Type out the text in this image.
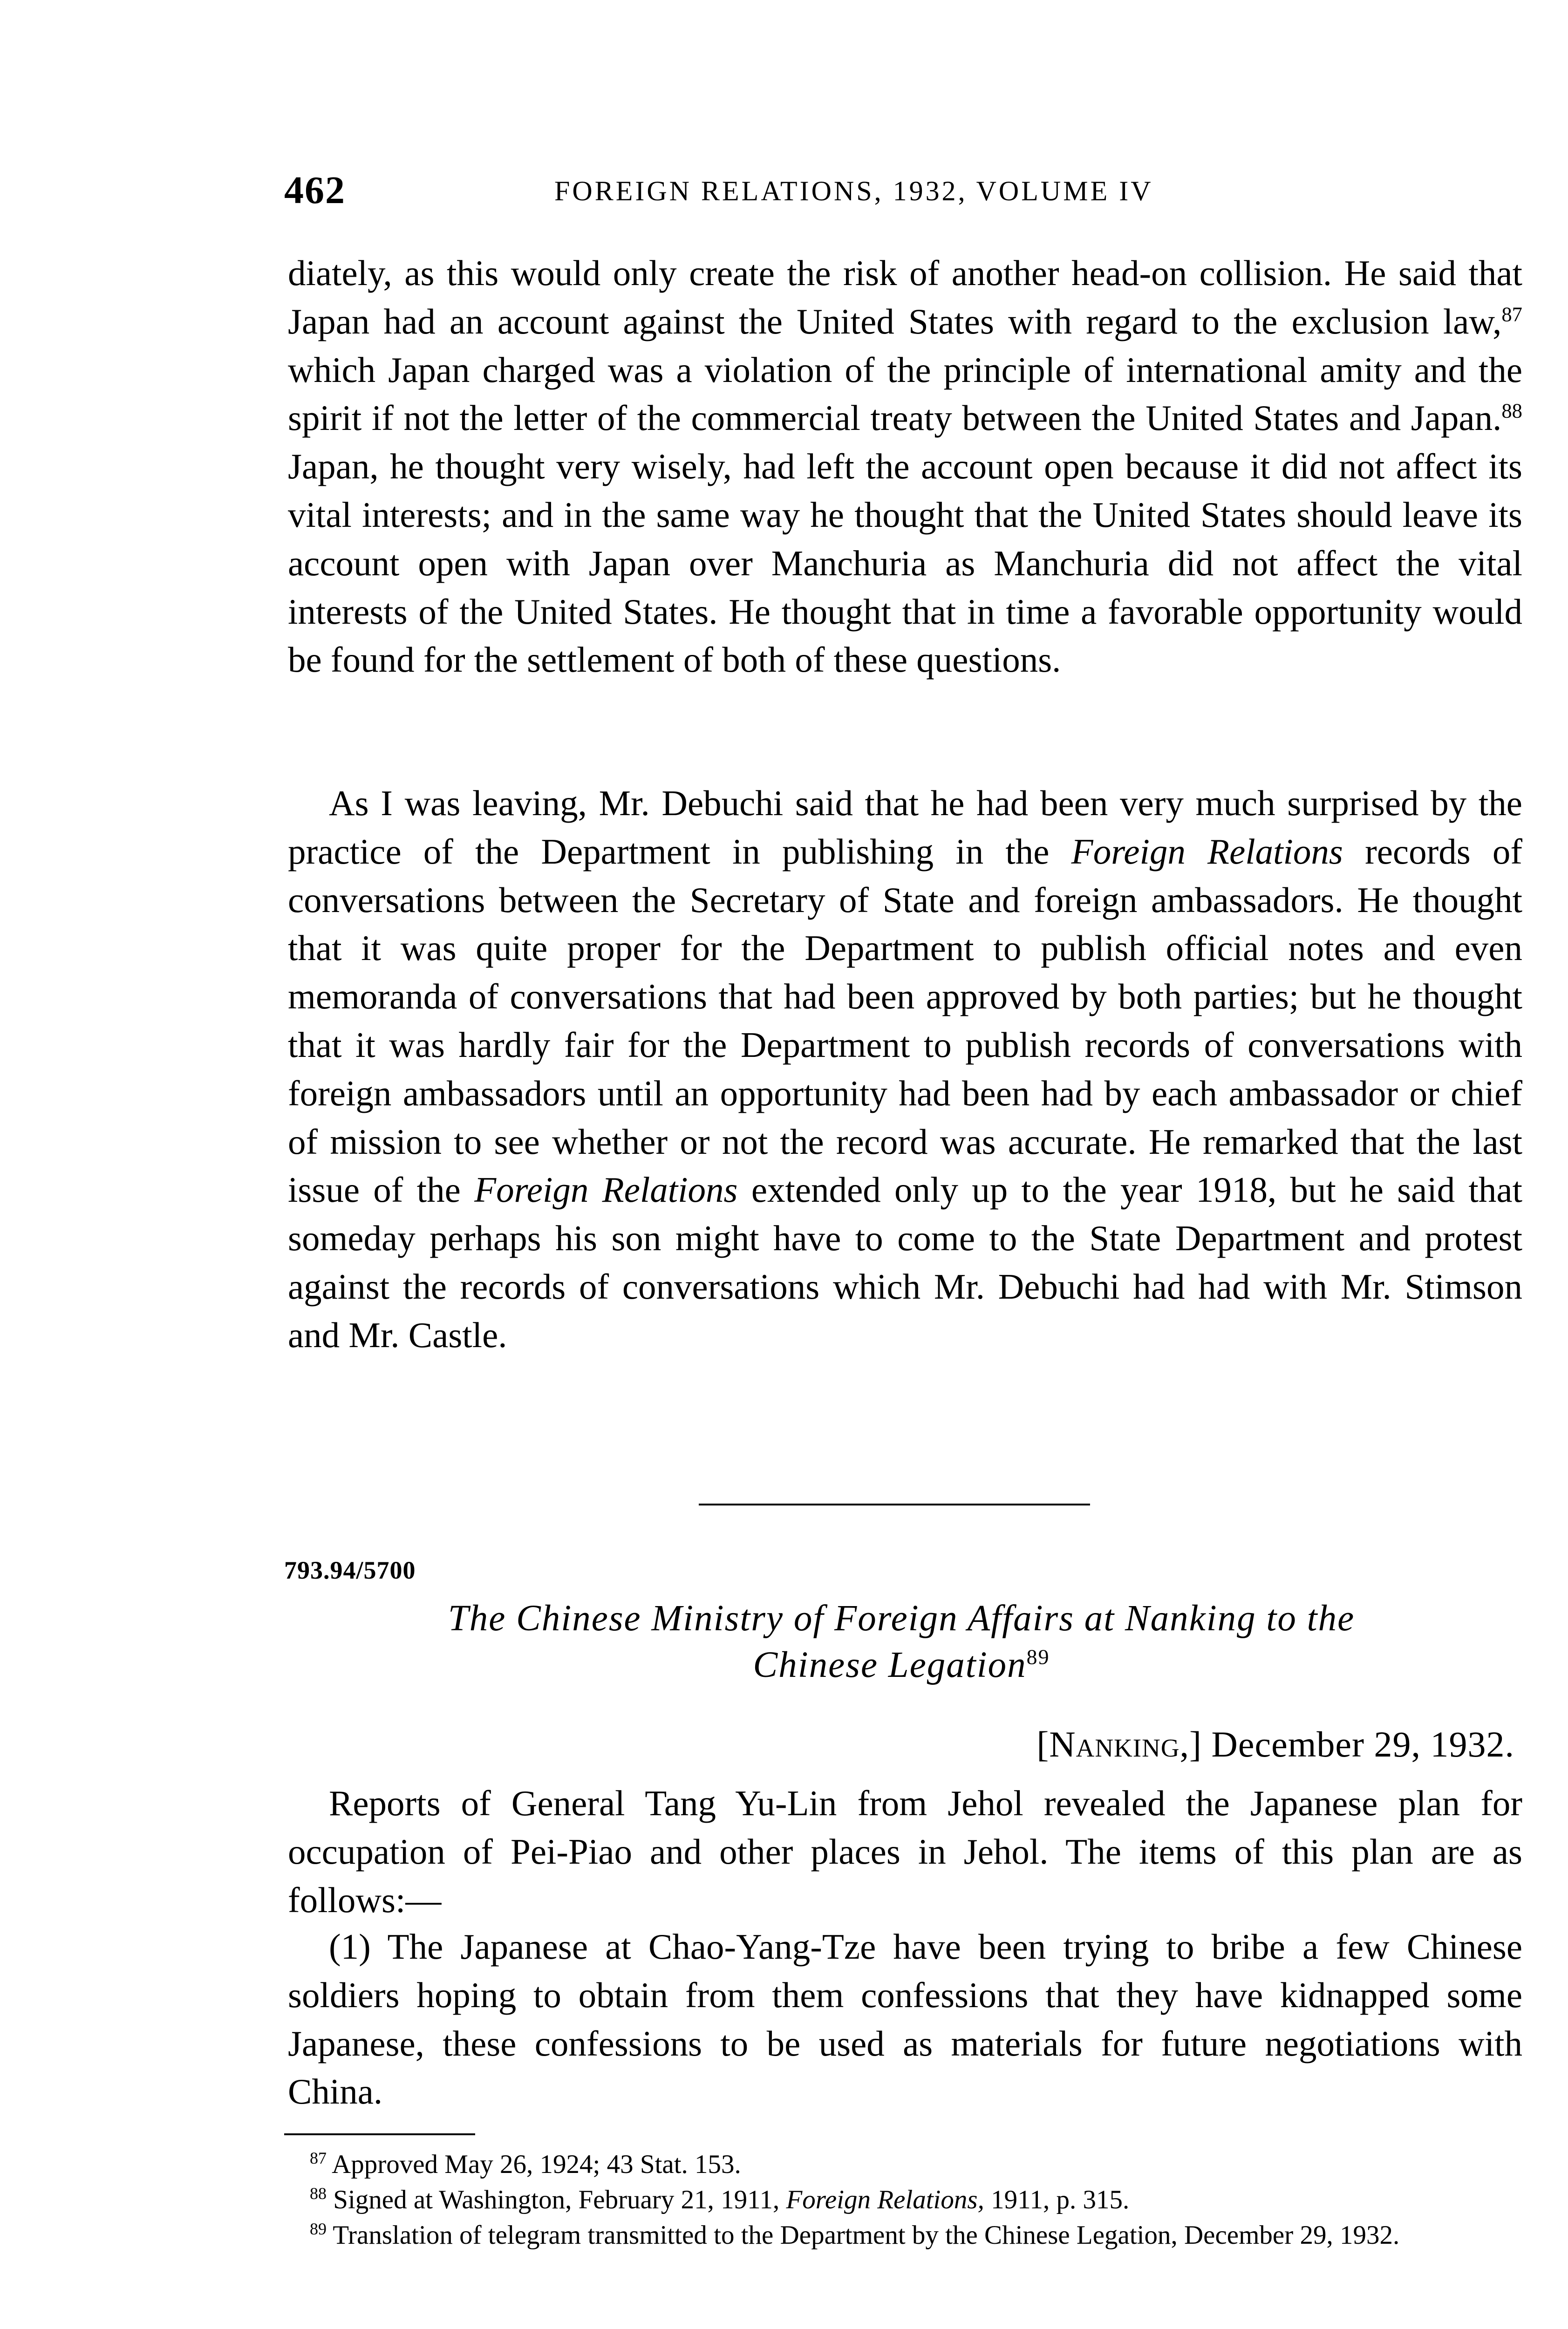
462	FOREIGN RELATIONS, 1932, VOLUME IV

diately, as this would only create the risk of another head-on collision. He said that Japan had an account against the United States with regard to the exclusion law,$^{87}$ which Japan charged was a violation of the principle of international amity and the spirit if not the letter of the commercial treaty between the United States and Japan.$^{88}$ Japan, he thought very wisely, had left the account open because it did not affect its vital interests; and in the same way he thought that the United States should leave its account open with Japan over Manchuria as Manchuria did not affect the vital interests of the United States. He thought that in time a favorable opportunity would be found for the settlement of both of these questions.

As I was leaving, Mr. Debuchi said that he had been very much surprised by the practice of the Department in publishing in the Foreign Relations records of conversations between the Secretary of State and foreign ambassadors. He thought that it was quite proper for the Department to publish official notes and even memoranda of conversations that had been approved by both parties; but he thought that it was hardly fair for the Department to publish records of conversations with foreign ambassadors until an opportunity had been had by each ambassador or chief of mission to see whether or not the record was accurate. He remarked that the last issue of the Foreign Relations extended only up to the year 1918, but he said that someday perhaps his son might have to come to the State Department and protest against the records of conversations which Mr. Debuchi had had with Mr. Stimson and Mr. Castle.

793.94/5700
The Chinese Ministry of Foreign Affairs at Nanking to the
Chinese Legation$^{89}$
[Nanking,] December 29, 1932.

Reports of General Tang Yu-Lin from Jehol revealed the Japanese plan for occupation of Pei-Piao and other places in Jehol. The items of this plan are as follows:—

(1) The Japanese at Chao-Yang-Tze have been trying to bribe a few Chinese soldiers hoping to obtain from them confessions that they have kidnapped some Japanese, these confessions to be used as materials for future negotiations with China.

$^{87}$ Approved May 26, 1924; 43 Stat. 153.

$^{88}$ Signed at Washington, February 21, 1911, Foreign Relations, 1911, p. 315.

$^{89}$ Translation of telegram transmitted to the Department by the Chinese Legation, December 29, 1932.
